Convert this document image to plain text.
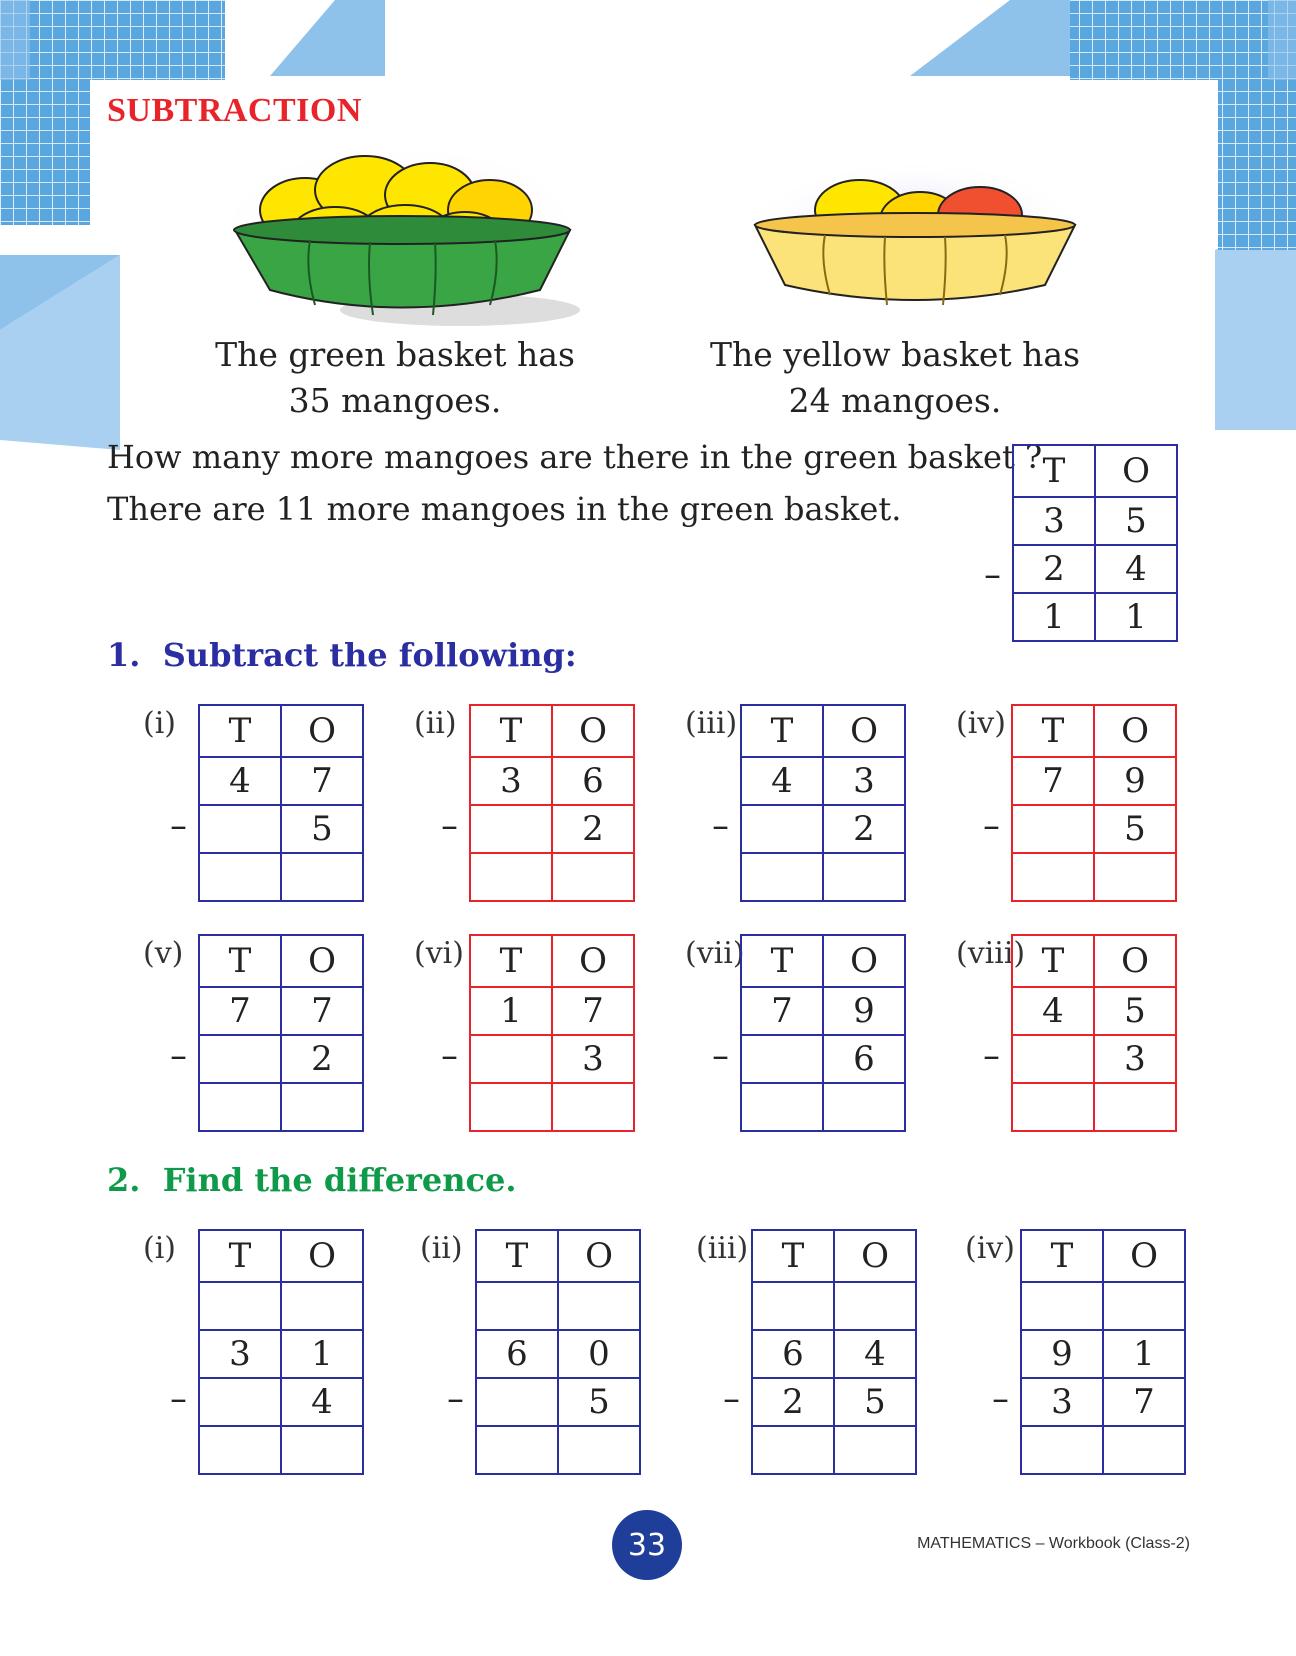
SUBTRACTION
The green basket has
35 mangoes.
The yellow basket has
24 mangoes.
How many more mangoes are there in the green basket ?
There are 11 more mangoes in the green basket.
T	O
3	5
2	4
1	1
–
1. Subtract the following:
(i) T	O
4	7
	5

–
(ii) T	O
3	6
	2

–
(iii) T	O
4	3
	2

–
(iv) T	O
7	9
	5

–
(v) T	O
7	7
	2

–
(vi) T	O
1	7
	3

–
(vii) T	O
7	9
	6

–
(viii) T	O
4	5
	3

–
2. Find the difference.
(i) T	O

3	1
	4

–
(ii) T	O

6	0
	5

–
(iii) T	O

6	4
2	5

–
(iv) T	O

9	1
3	7

–
33	MATHEMATICS – Workbook (Class-2)
